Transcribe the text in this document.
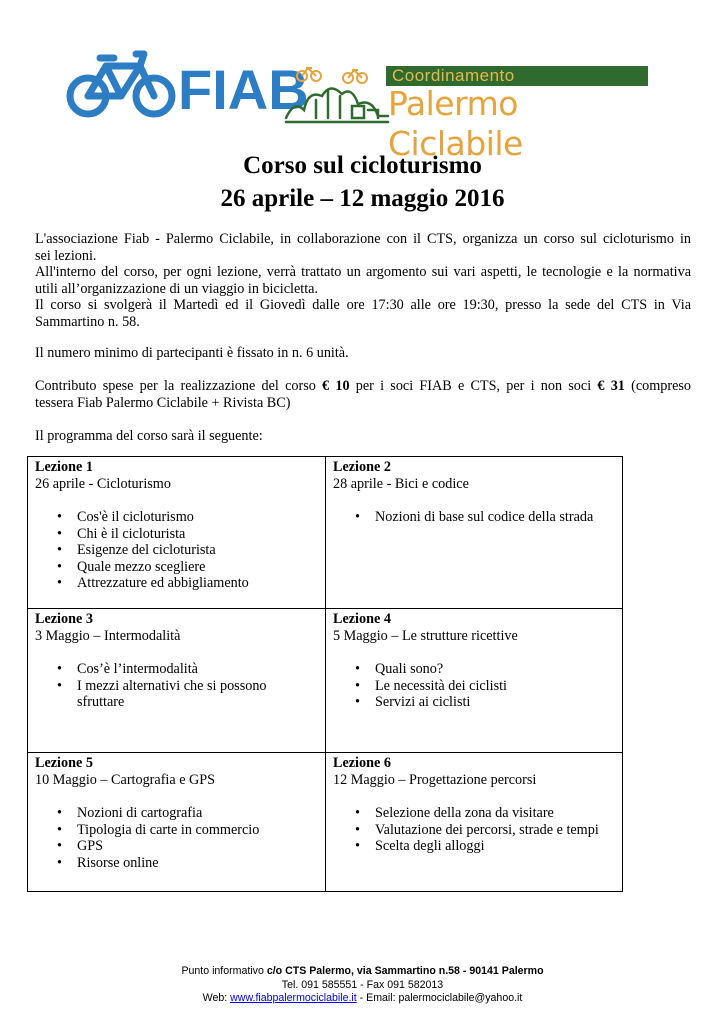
FIAB	Coordinamento
Palermo Ciclabile
Corso sul cicloturismo
26 aprile – 12 maggio 2016
L'associazione Fiab - Palermo Ciclabile, in collaborazione con il CTS, organizza un corso sul cicloturismo in
sei lezioni.
All'interno del corso, per ogni lezione, verrà trattato un argomento sui vari aspetti, le tecnologie e la normativa
utili all’organizzazione di un viaggio in bicicletta.
Il corso si svolgerà il Martedì ed il Giovedì dalle ore 17:30 alle ore 19:30, presso la sede del CTS in Via
Sammartino n. 58.
Il numero minimo di partecipanti è fissato in n. 6 unità.
Contributo spese per la realizzazione del corso € 10 per i soci FIAB e CTS, per i non soci € 31 (compreso
tessera Fiab Palermo Ciclabile + Rivista BC)
Il programma del corso sarà il seguente:
Lezione 1
26 aprile - Cicloturismo
• Cos'è il cicloturismo
• Chi è il cicloturista
• Esigenze del cicloturista
• Quale mezzo scegliere
• Attrezzature ed abbigliamento
Lezione 2
28 aprile - Bici e codice
• Nozioni di base sul codice della strada
Lezione 3
3 Maggio – Intermodalità
• Cos’è l’intermodalità
• I mezzi alternativi che si possono
sfruttare
Lezione 4
5 Maggio – Le strutture ricettive
• Quali sono?
• Le necessità dei ciclisti
• Servizi ai ciclisti
Lezione 5
10 Maggio – Cartografia e GPS
• Nozioni di cartografia
• Tipologia di carte in commercio
• GPS
• Risorse online
Lezione 6
12 Maggio – Progettazione percorsi
• Selezione della zona da visitare
• Valutazione dei percorsi, strade e tempi
• Scelta degli alloggi
Punto informativo c/o CTS Palermo, via Sammartino n.58 - 90141 Palermo
Tel. 091 585551 - Fax 091 582013
Web: www.fiabpalermociclabile.it - Email: palermociclabile@yahoo.it
